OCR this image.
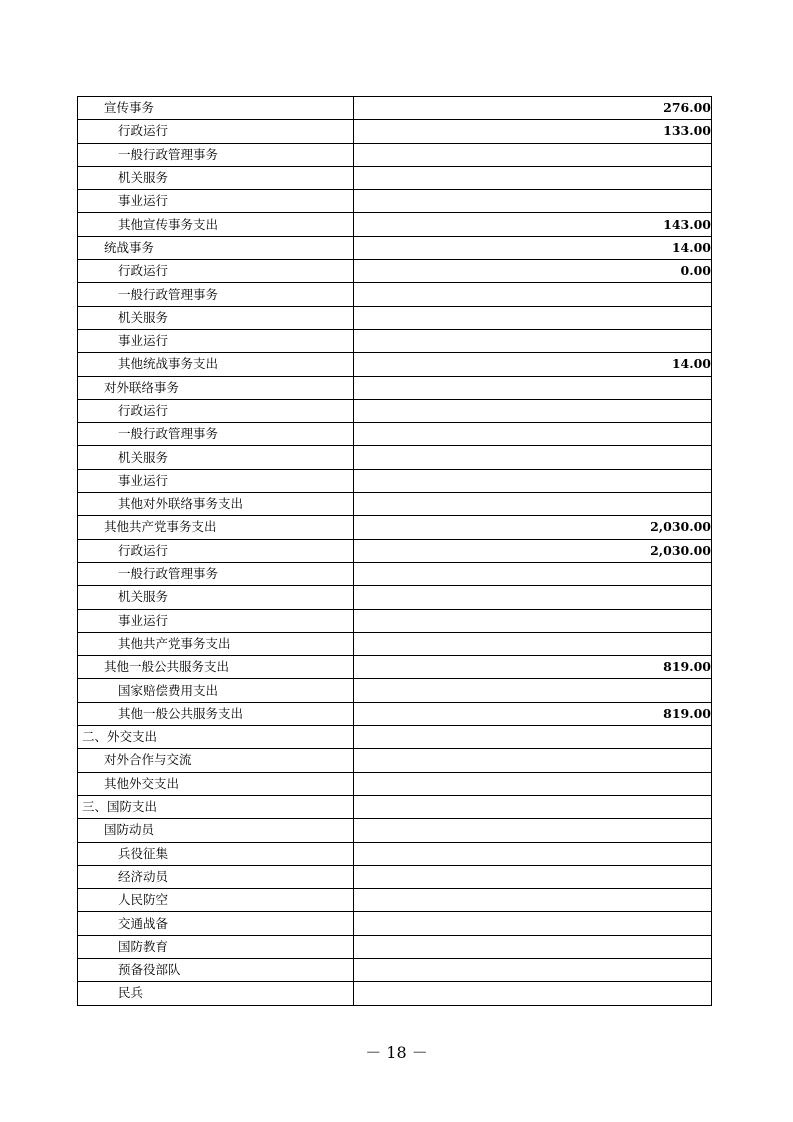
宣传事务	276.00
行政运行	133.00
一般行政管理事务	
机关服务	
事业运行	
其他宣传事务支出	143.00
统战事务	14.00
行政运行	0.00
一般行政管理事务	
机关服务	
事业运行	
其他统战事务支出	14.00
对外联络事务	
行政运行	
一般行政管理事务	
机关服务	
事业运行	
其他对外联络事务支出	
其他共产党事务支出	2,030.00
行政运行	2,030.00
一般行政管理事务	
机关服务	
事业运行	
其他共产党事务支出	
其他一般公共服务支出	819.00
国家赔偿费用支出	
其他一般公共服务支出	819.00
二、外交支出	
对外合作与交流	
其他外交支出	
三、国防支出	
国防动员	
兵役征集	
经济动员	
人民防空	
交通战备	
国防教育	
预备役部队	
民兵	
－ 18 －
